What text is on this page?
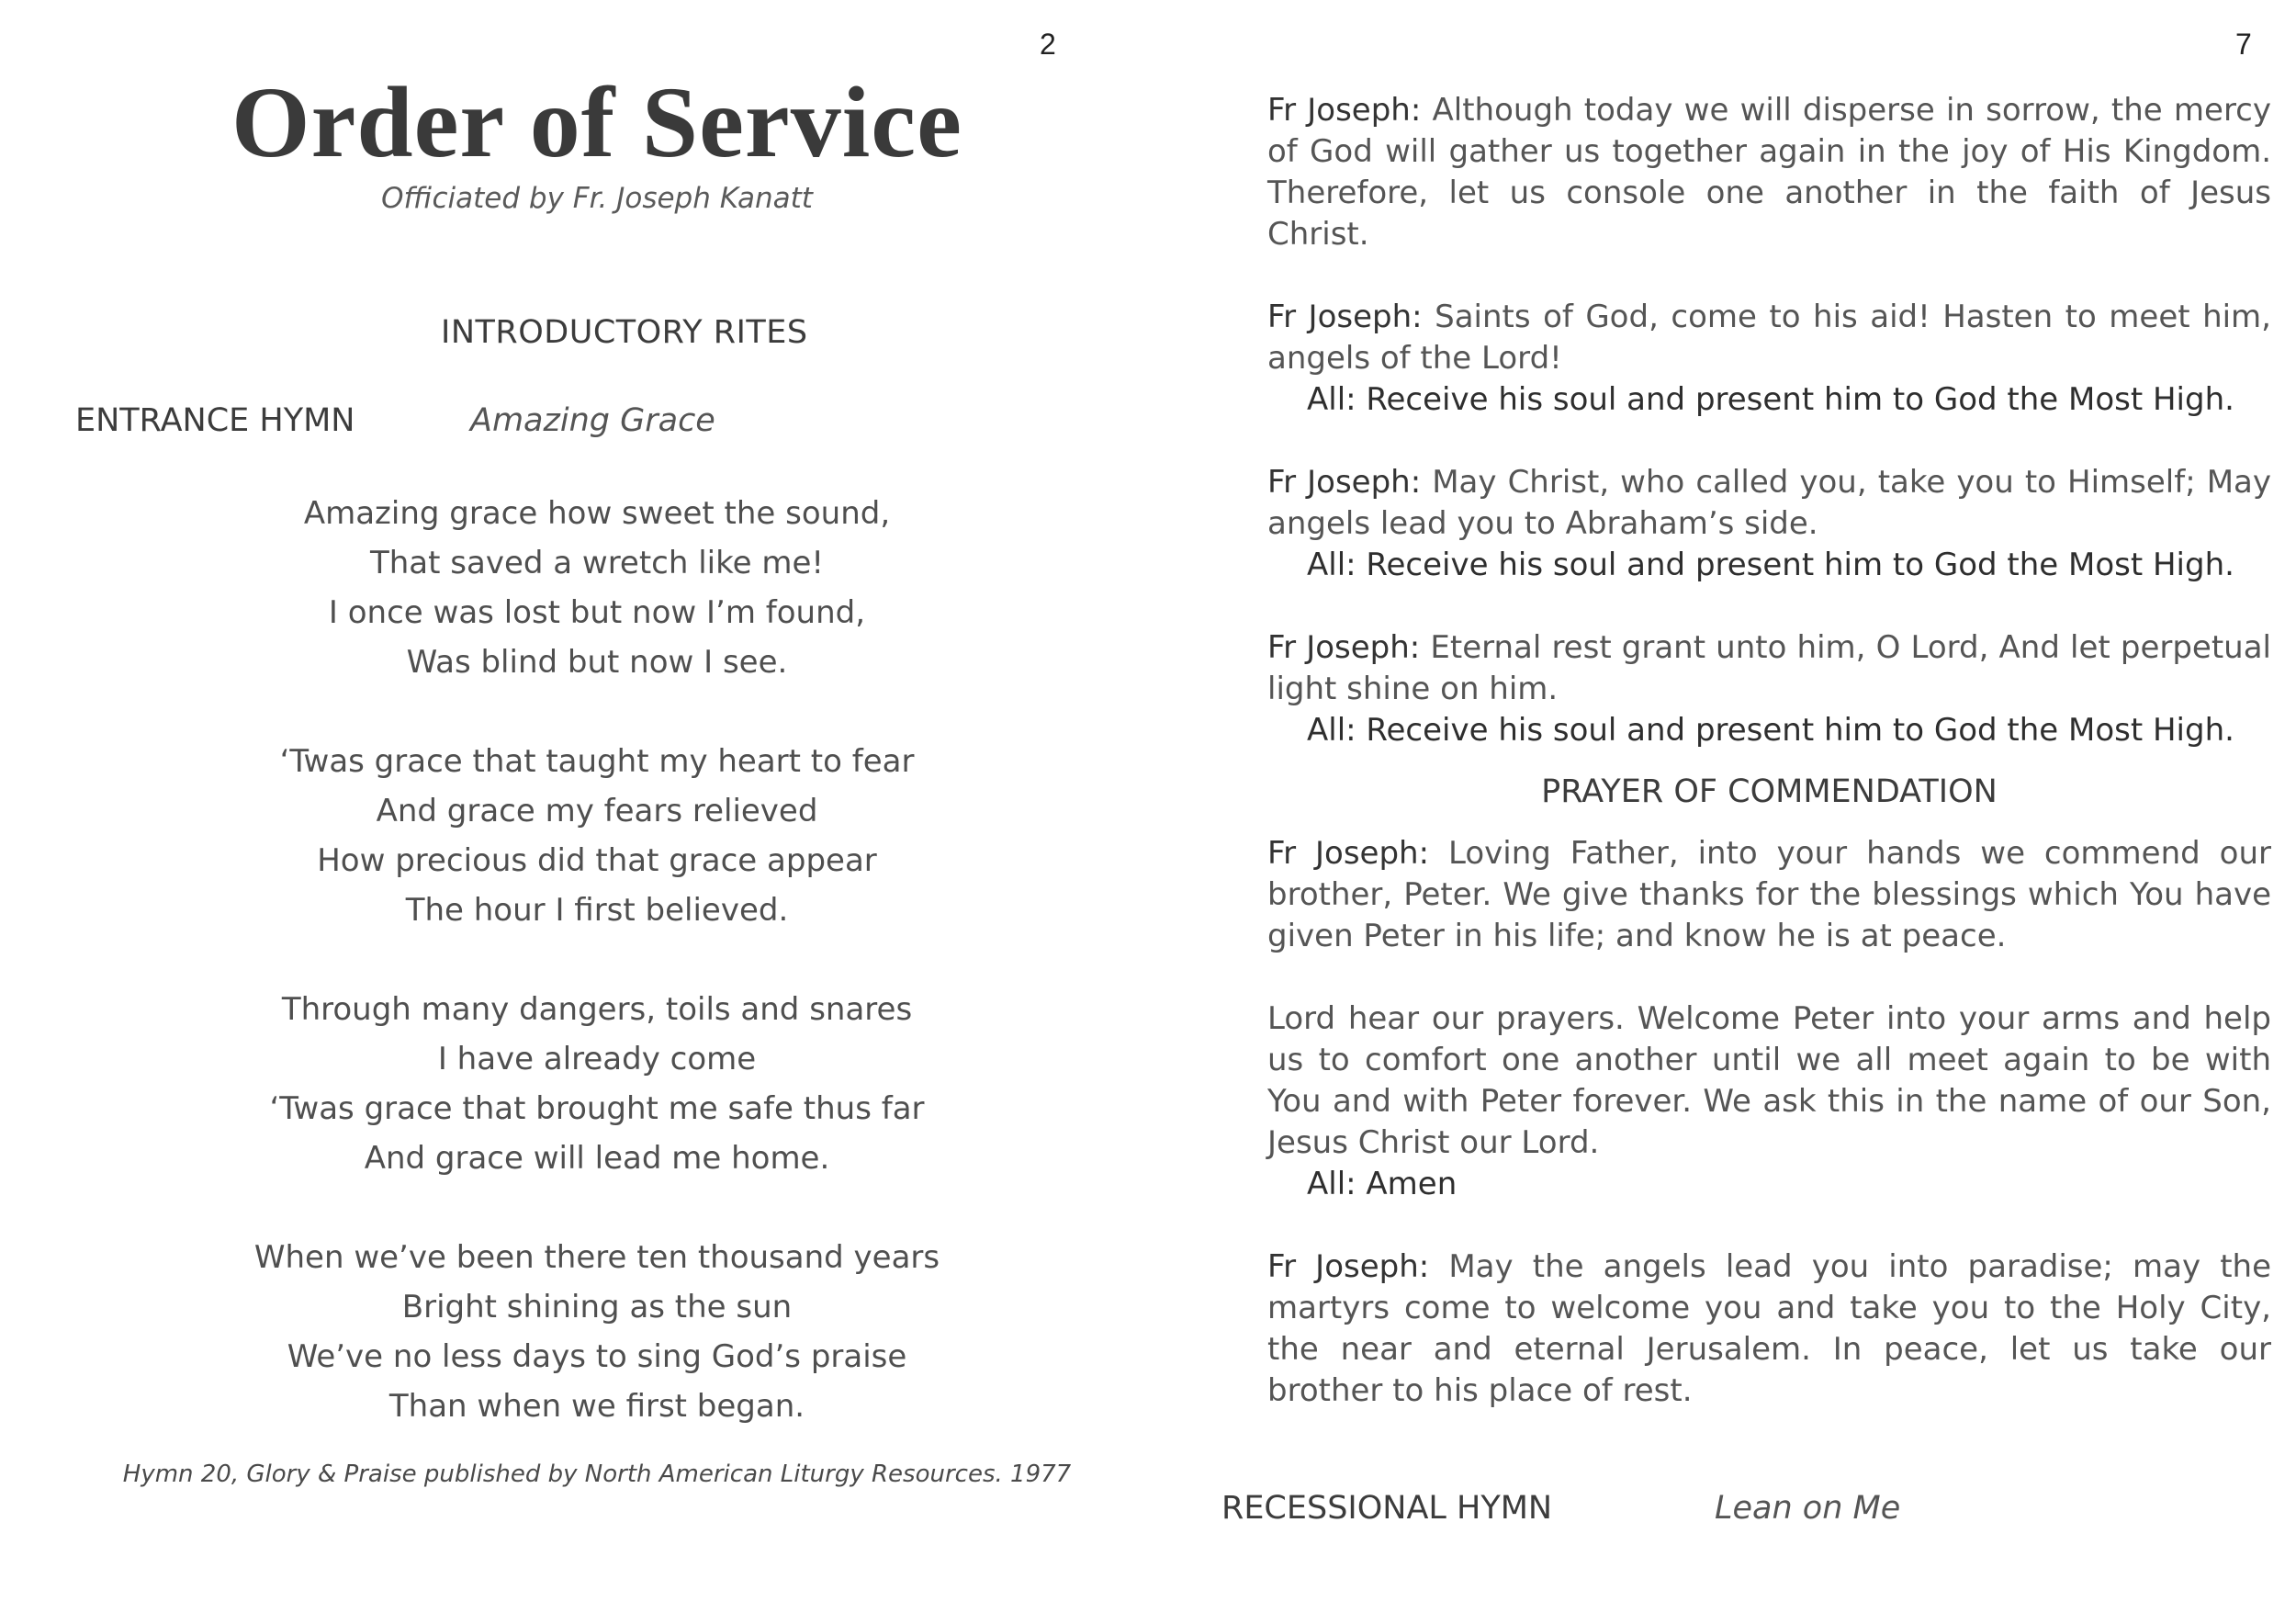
2
Order of Service
Officiated by Fr. Joseph Kanatt
INTRODUCTORY RITES
ENTRANCE HYMN	Amazing Grace
Amazing grace how sweet the sound,
That saved a wretch like me!
I once was lost but now I’m found,
Was blind but now I see.
‘Twas grace that taught my heart to fear
And grace my fears relieved
How precious did that grace appear
The hour I first believed.
Through many dangers, toils and snares
I have already come
‘Twas grace that brought me safe thus far
And grace will lead me home.
When we’ve been there ten thousand years
Bright shining as the sun
We’ve no less days to sing God’s praise
Than when we first began.
Hymn 20, Glory & Praise published by North American Liturgy Resources. 1977
7

Fr Joseph: Although today we will disperse in sorrow, the mercy of God will gather us together again in the joy of His Kingdom. Therefore, let us console one another in the faith of Jesus Christ.

Fr Joseph: Saints of God, come to his aid! Hasten to meet him, angels of the Lord!

All: Receive his soul and present him to God the Most High.

Fr Joseph: May Christ, who called you, take you to Himself; May angels lead you to Abraham’s side.

All: Receive his soul and present him to God the Most High.

Fr Joseph: Eternal rest grant unto him, O Lord, And let perpetual light shine on him.

All: Receive his soul and present him to God the Most High.

PRAYER OF COMMENDATION

Fr Joseph: Loving Father, into your hands we commend our brother, Peter. We give thanks for the blessings which You have given Peter in his life; and know he is at peace.

Lord hear our prayers. Welcome Peter into your arms and help us to comfort one another until we all meet again to be with You and with Peter forever. We ask this in the name of our Son, Jesus Christ our Lord.

All: Amen

Fr Joseph: May the angels lead you into paradise; may the martyrs come to welcome you and take you to the Holy City, the near and eternal Jerusalem. In peace, let us take our brother to his place of rest.

RECESSIONAL HYMN	Lean on Me
